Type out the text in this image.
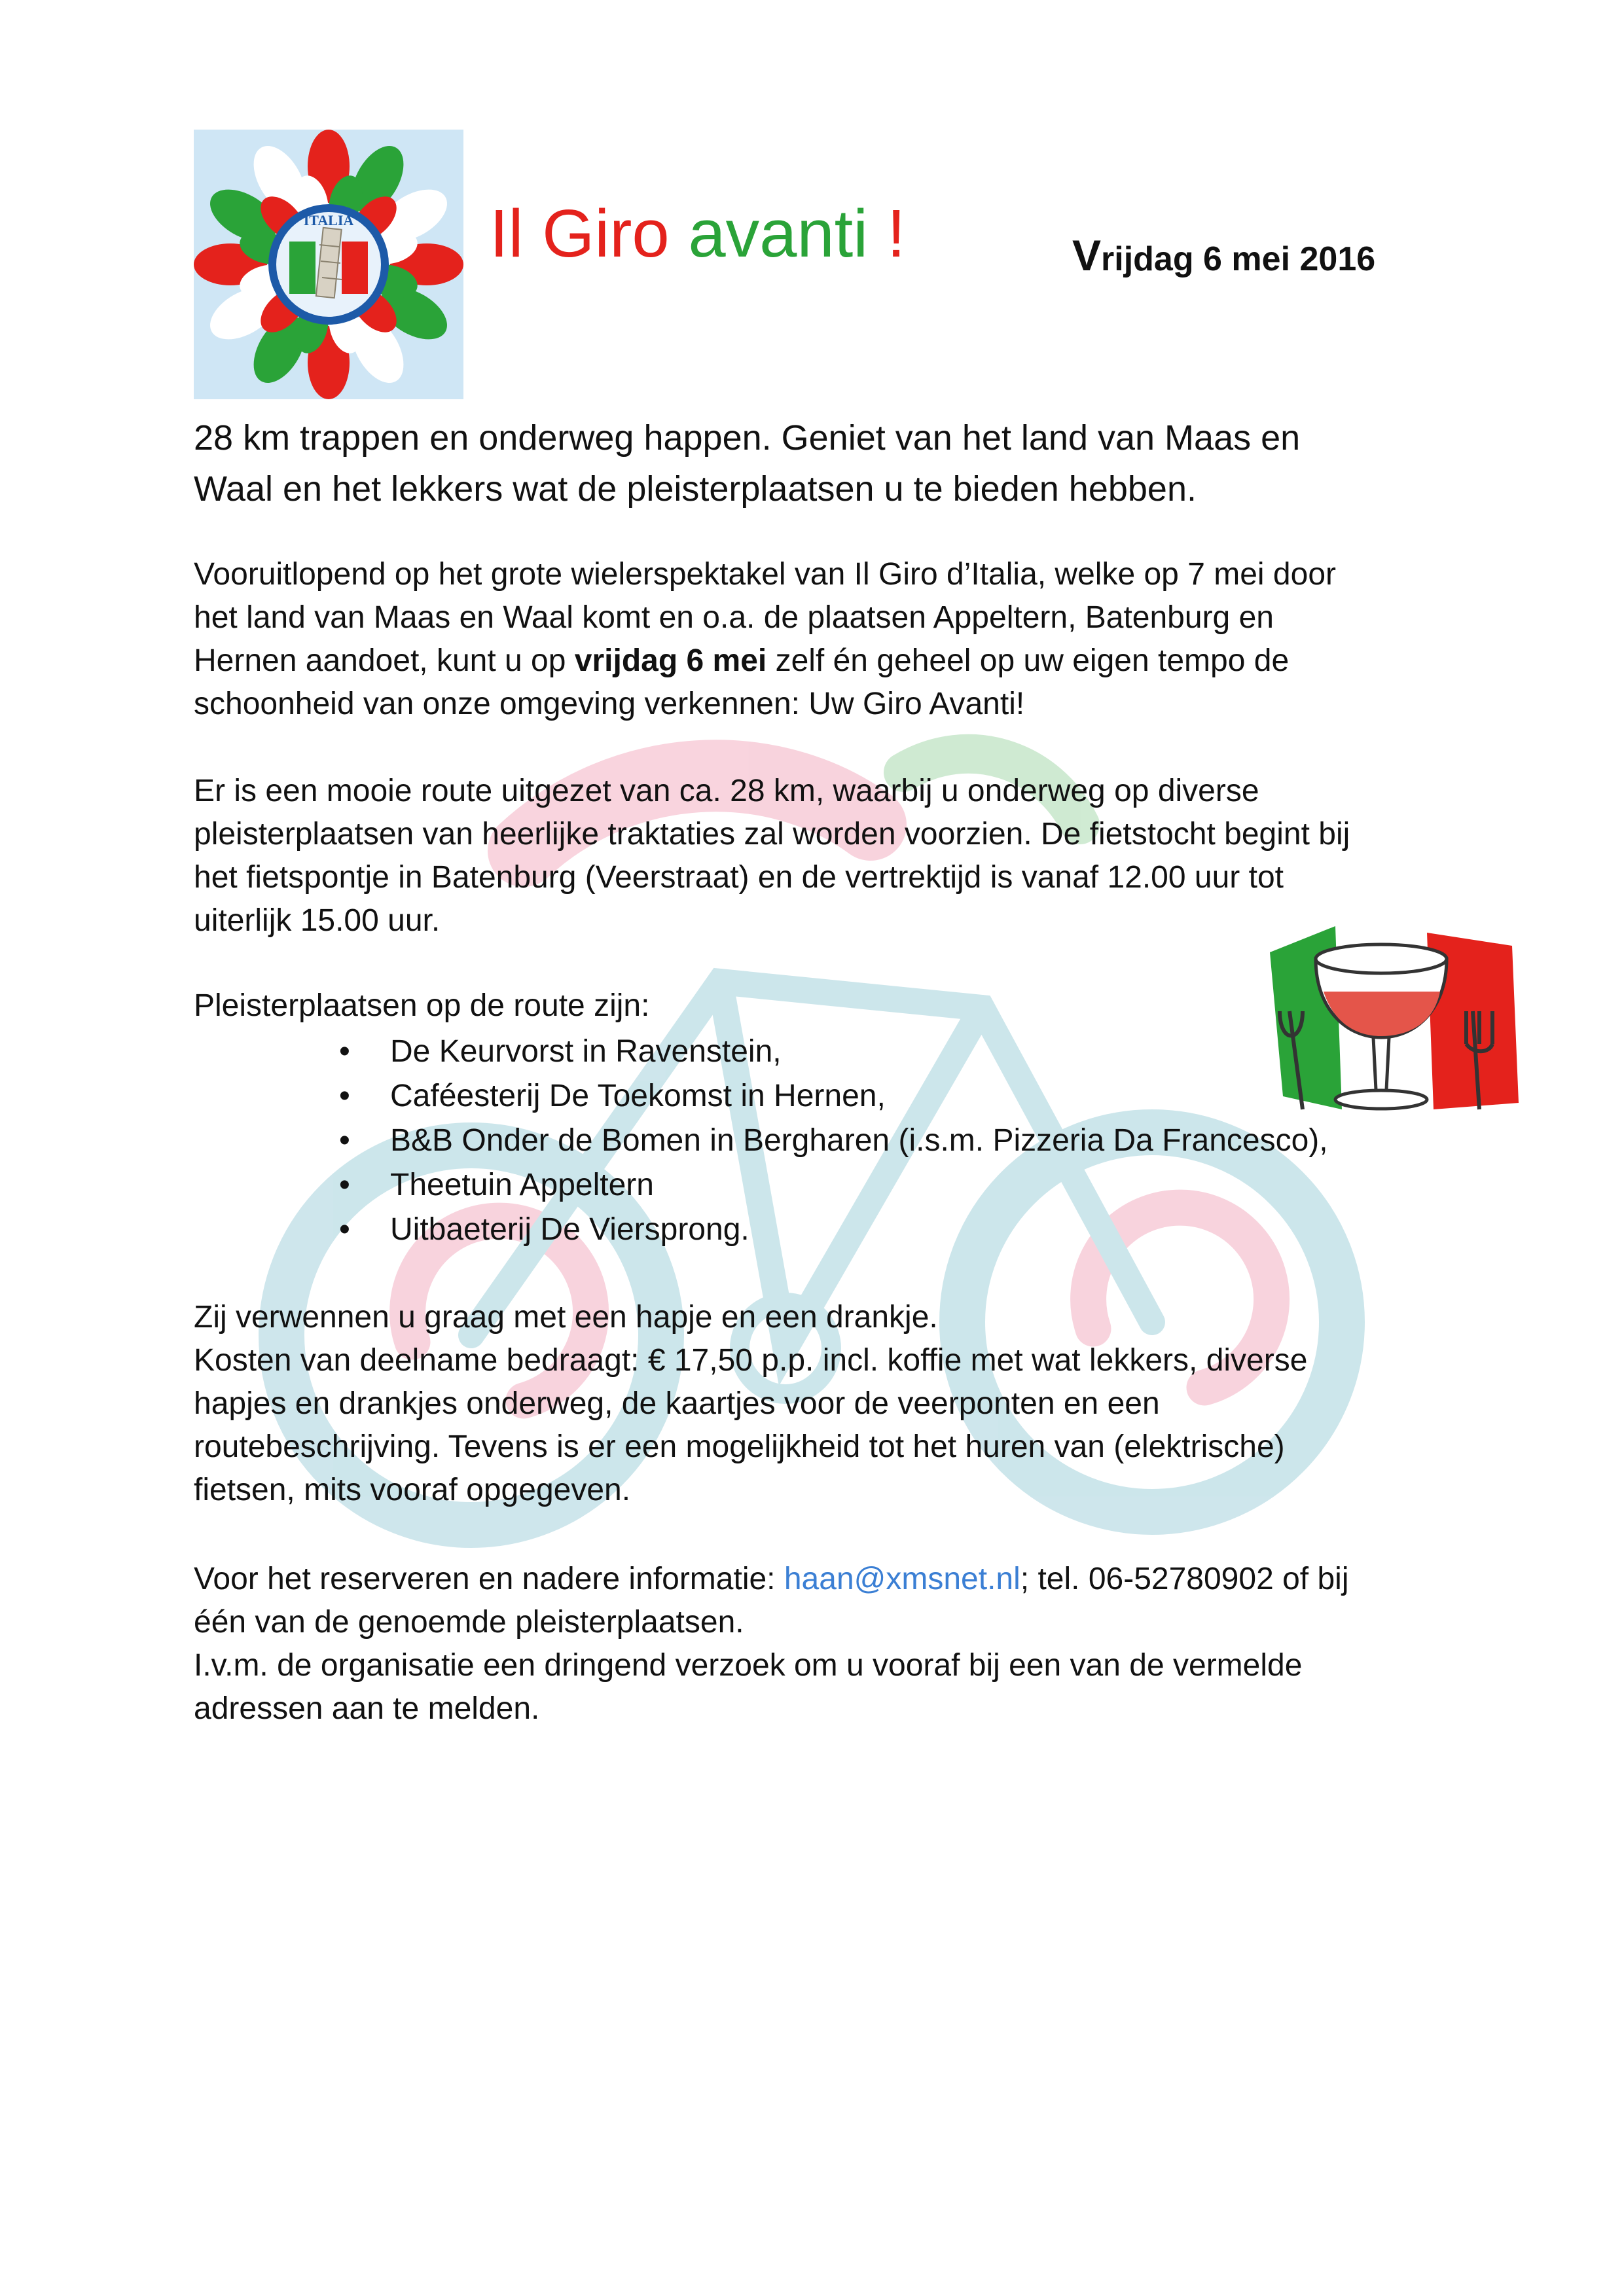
ITALIA Il Giro avanti !	Vrijdag 6 mei 2016
28 km trappen en onderweg happen. Geniet van het land van Maas en
Waal en het lekkers wat de pleisterplaatsen u te bieden hebben.
Vooruitlopend op het grote wielerspektakel van Il Giro d’Italia, welke op 7 mei door
het land van Maas en Waal komt en o.a. de plaatsen Appeltern, Batenburg en
Hernen aandoet, kunt u op vrijdag 6 mei zelf én geheel op uw eigen tempo de
schoonheid van onze omgeving verkennen: Uw Giro Avanti!
Er is een mooie route uitgezet van ca. 28 km, waarbij u onderweg op diverse
pleisterplaatsen van heerlijke traktaties zal worden voorzien. De fietstocht begint bij
het fietspontje in Batenburg (Veerstraat) en de vertrektijd is vanaf 12.00 uur tot
uiterlijk 15.00 uur.
Pleisterplaatsen op de route zijn:
• De Keurvorst in Ravenstein,
• Caféesterij De Toekomst in Hernen,
• B&B Onder de Bomen in Bergharen (i.s.m. Pizzeria Da Francesco),
• Theetuin Appeltern
• Uitbaeterij De Viersprong.
Zij verwennen u graag met een hapje en een drankje.
Kosten van deelname bedraagt: € 17,50 p.p. incl. koffie met wat lekkers, diverse
hapjes en drankjes onderweg, de kaartjes voor de veerponten en een
routebeschrijving. Tevens is er een mogelijkheid tot het huren van (elektrische)
fietsen, mits vooraf opgegeven.
Voor het reserveren en nadere informatie: haan@xmsnet.nl; tel. 06-52780902 of bij
één van de genoemde pleisterplaatsen.
I.v.m. de organisatie een dringend verzoek om u vooraf bij een van de vermelde
adressen aan te melden.
